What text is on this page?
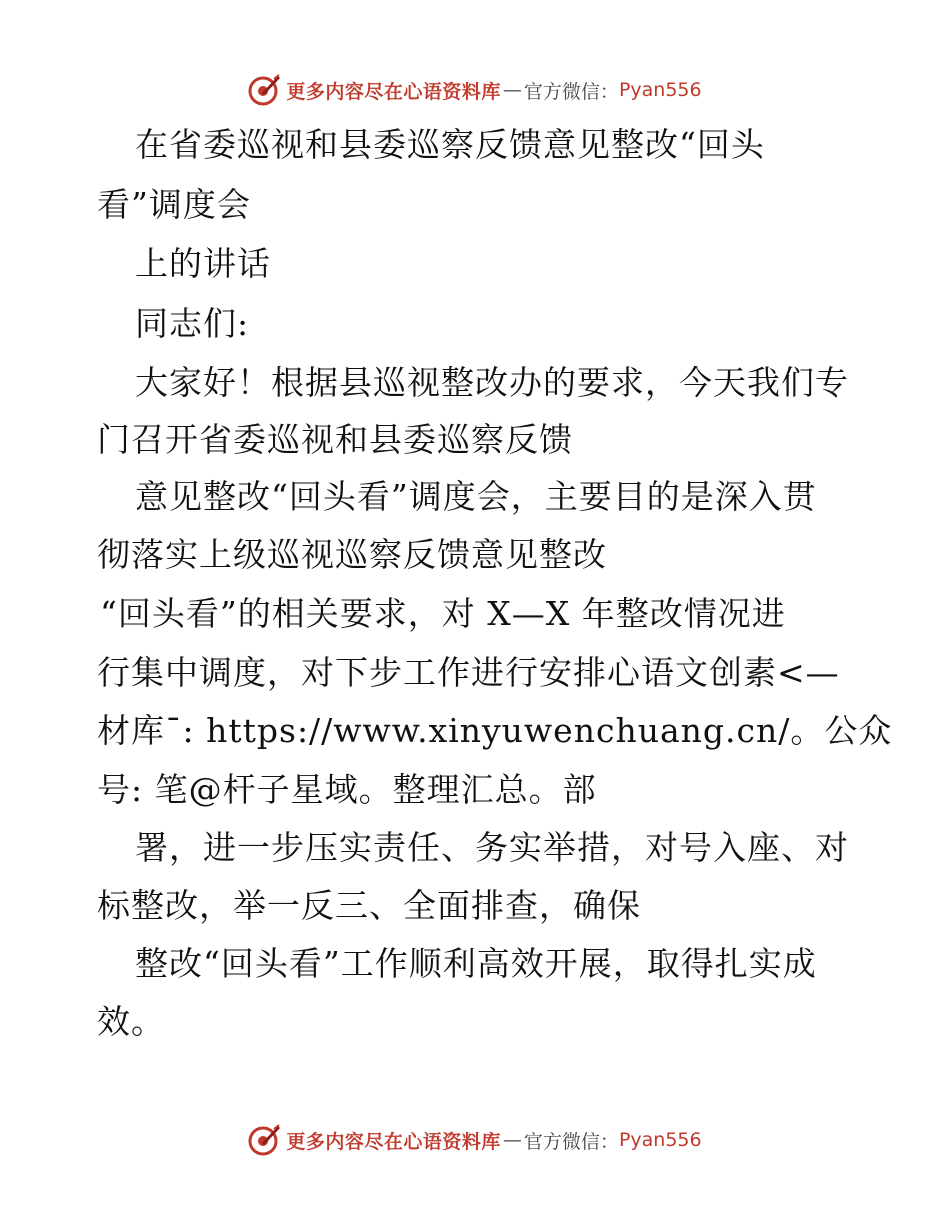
更多内容尽在心语资料库 — 官方微信： Pyan556
在省委巡视和县委巡察反馈意见整改“回头
看”调度会
上的讲话
同志们:
大家好！根据县巡视整改办的要求，今天我们专
门召开省委巡视和县委巡察反馈
意见整改“回头看”调度会，主要目的是深入贯
彻落实上级巡视巡察反馈意见整改
“回头看”的相关要求，对 X—X 年整改情况进
行集中调度，对下步工作进行安排心语文创素<—
材库¯: https://www.xinyuwenchuang.cn/。公众
号: 笔@杆子星域。整理汇总。部
署，进一步压实责任、务实举措，对号入座、对
标整改，举一反三、全面排查，确保
整改“回头看”工作顺利高效开展，取得扎实成
效。
更多内容尽在心语资料库 — 官方微信： Pyan556
